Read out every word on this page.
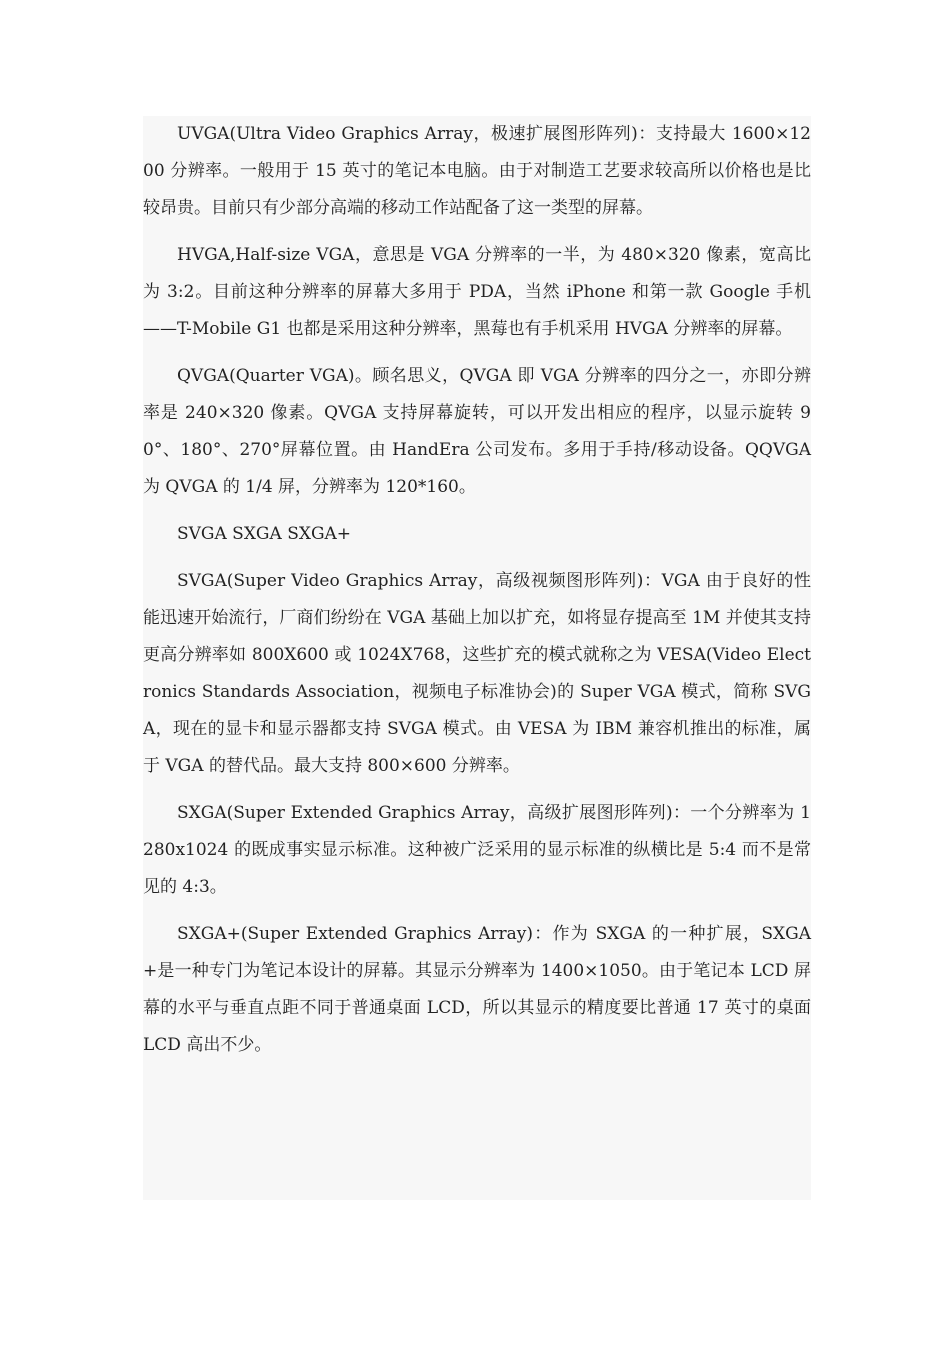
UVGA(Ultra Video Graphics Array，极速扩展图形阵列)：支持最大 1600×1200 分辨率。一般用于 15 英寸的笔记本电脑。由于对制造工艺要求较高所以价格也是比较昂贵。目前只有少部分高端的移动工作站配备了这一类型的屏幕。

HVGA,Half-size VGA，意思是 VGA 分辨率的一半，为 480×320 像素，宽高比为 3:2。目前这种分辨率的屏幕大多用于 PDA，当然 iPhone 和第一款 Google 手机——T-Mobile G1 也都是采用这种分辨率，黑莓也有手机采用 HVGA 分辨率的屏幕。

QVGA(Quarter VGA)。顾名思义，QVGA 即 VGA 分辨率的四分之一，亦即分辨率是 240×320 像素。QVGA 支持屏幕旋转，可以开发出相应的程序，以显示旋转 90°、180°、270°屏幕位置。由 HandEra 公司发布。多用于手持/移动设备。QQVGA 为 QVGA 的 1/4 屏，分辨率为 120*160。

SVGA SXGA SXGA+

SVGA(Super Video Graphics Array，高级视频图形阵列)：VGA 由于良好的性能迅速开始流行，厂商们纷纷在 VGA 基础上加以扩充，如将显存提高至 1M 并使其支持更高分辨率如 800X600 或 1024X768，这些扩充的模式就称之为 VESA(Video Electronics Standards Association，视频电子标准协会)的 Super VGA 模式，简称 SVGA，现在的显卡和显示器都支持 SVGA 模式。由 VESA 为 IBM 兼容机推出的标准，属于 VGA 的替代品。最大支持 800×600 分辨率。

SXGA(Super Extended Graphics Array，高级扩展图形阵列)：一个分辨率为 1280x1024 的既成事实显示标准。这种被广泛采用的显示标准的纵横比是 5:4 而不是常见的 4:3。

SXGA+(Super Extended Graphics Array)：作为 SXGA 的一种扩展，SXGA+是一种专门为笔记本设计的屏幕。其显示分辨率为 1400×1050。由于笔记本 LCD 屏幕的水平与垂直点距不同于普通桌面 LCD，所以其显示的精度要比普通 17 英寸的桌面 LCD 高出不少。
